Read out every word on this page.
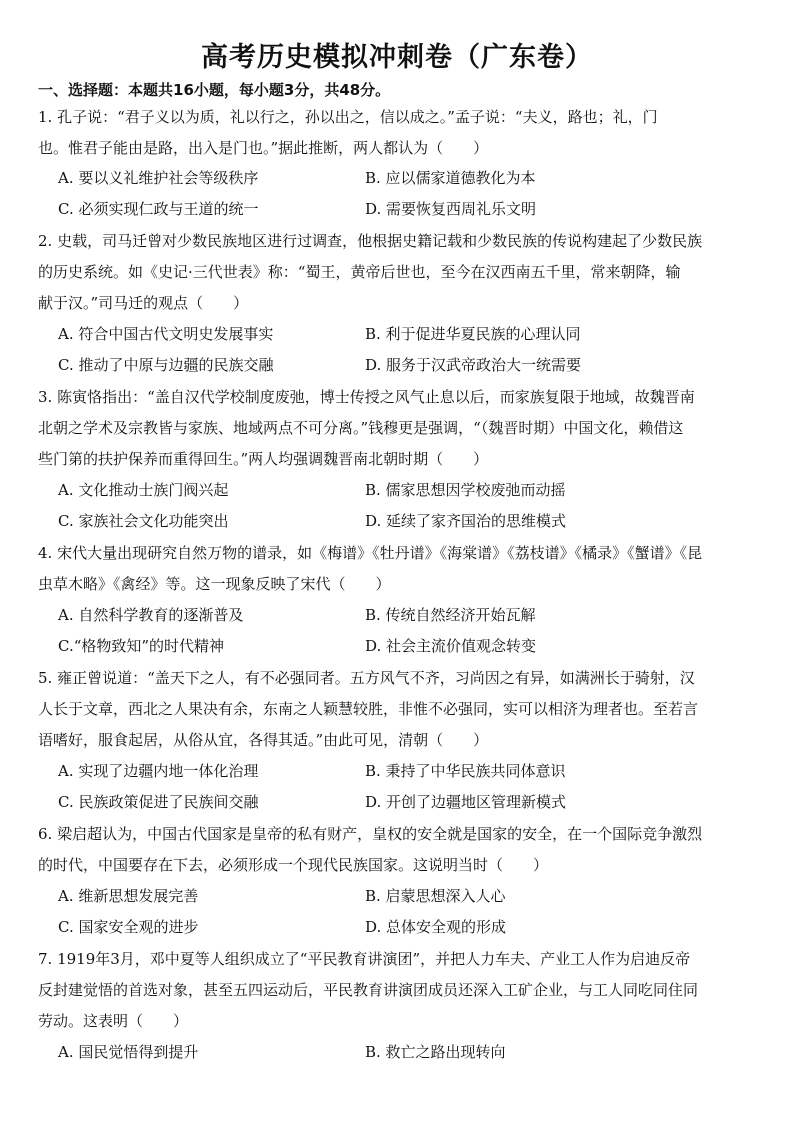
高考历史模拟冲刺卷（广东卷）
一、选择题：本题共16小题，每小题3分，共48分。
1. 孔子说：“君子义以为质，礼以行之，孙以出之，信以成之。”孟子说：“夫义，路也；礼，门
也。惟君子能由是路，出入是门也。”据此推断，两人都认为（　　）
A. 要以义礼维护社会等级秩序	B. 应以儒家道德教化为本
C. 必须实现仁政与王道的统一	D. 需要恢复西周礼乐文明
2. 史载，司马迁曾对少数民族地区进行过调查，他根据史籍记载和少数民族的传说构建起了少数民族
的历史系统。如《史记·三代世表》称：“蜀王，黄帝后世也，至今在汉西南五千里，常来朝降，输
献于汉。”司马迁的观点（　　）
A. 符合中国古代文明史发展事实	B. 利于促进华夏民族的心理认同
C. 推动了中原与边疆的民族交融	D. 服务于汉武帝政治大一统需要
3. 陈寅恪指出：“盖自汉代学校制度废弛，博士传授之风气止息以后，而家族复限于地域，故魏晋南
北朝之学术及宗教皆与家族、地域两点不可分离。”钱穆更是强调，“（魏晋时期）中国文化，赖借这
些门第的扶护保养而重得回生。”两人均强调魏晋南北朝时期（　　）
A. 文化推动士族门阀兴起	B. 儒家思想因学校废弛而动摇
C. 家族社会文化功能突出	D. 延续了家齐国治的思维模式
4. 宋代大量出现研究自然万物的谱录，如《梅谱》《牡丹谱》《海棠谱》《荔枝谱》《橘录》《蟹谱》《昆
虫草木略》《禽经》等。这一现象反映了宋代（　　）
A. 自然科学教育的逐渐普及	B. 传统自然经济开始瓦解
C.“格物致知”的时代精神	D. 社会主流价值观念转变
5. 雍正曾说道：“盖天下之人，有不必强同者。五方风气不齐，习尚因之有异，如满洲长于骑射，汉
人长于文章，西北之人果决有余，东南之人颖慧较胜，非惟不必强同，实可以相济为理者也。至若言
语嗜好，服食起居，从俗从宜，各得其适。”由此可见，清朝（　　）
A. 实现了边疆内地一体化治理	B. 秉持了中华民族共同体意识
C. 民族政策促进了民族间交融	D. 开创了边疆地区管理新模式
6. 梁启超认为，中国古代国家是皇帝的私有财产，皇权的安全就是国家的安全，在一个国际竞争激烈
的时代，中国要存在下去，必须形成一个现代民族国家。这说明当时（　　）
A. 维新思想发展完善	B. 启蒙思想深入人心
C. 国家安全观的进步	D. 总体安全观的形成
7. 1919年3月，邓中夏等人组织成立了“平民教育讲演团”，并把人力车夫、产业工人作为启迪反帝
反封建觉悟的首选对象，甚至五四运动后，平民教育讲演团成员还深入工矿企业，与工人同吃同住同
劳动。这表明（　　）
A. 国民觉悟得到提升	B. 救亡之路出现转向
